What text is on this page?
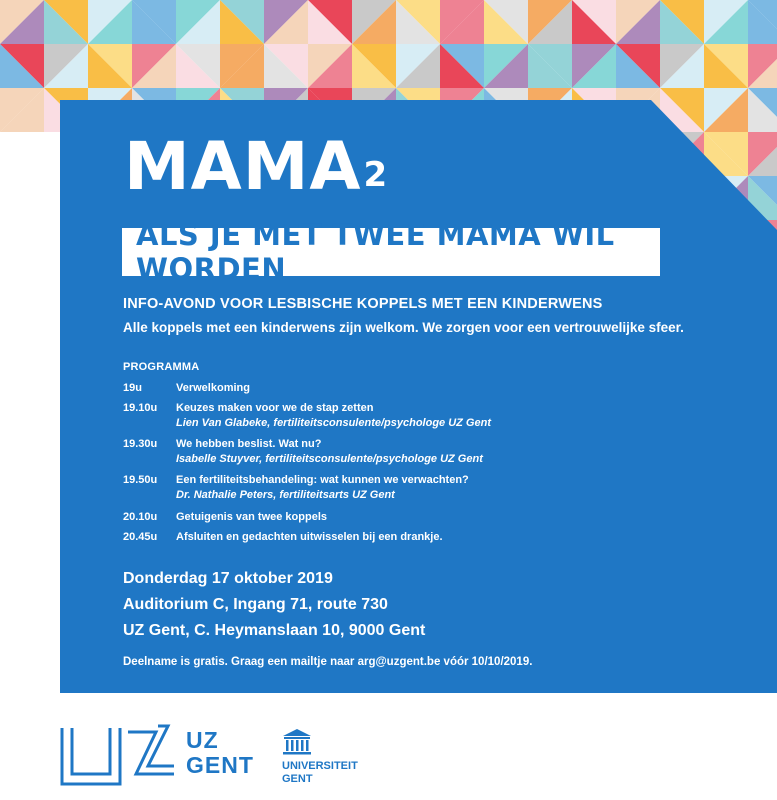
MAMA$^2$
ALS JE MET TWEE MAMA WIL WORDEN
INFO-AVOND VOOR LESBISCHE KOPPELS MET EEN KINDERWENS
Alle koppels met een kinderwens zijn welkom. We zorgen voor een vertrouwelijke sfeer.
PROGRAMMA
19u	Verwelkoming
19.10u	Keuzes maken voor we de stap zetten
Lien Van Glabeke, fertiliteitsconsulente/psychologe UZ Gent
19.30u	We hebben beslist. Wat nu?
Isabelle Stuyver, fertiliteitsconsulente/psychologe UZ Gent
19.50u	Een fertiliteitsbehandeling: wat kunnen we verwachten?
Dr. Nathalie Peters, fertiliteitsarts UZ Gent
20.10u	Getuigenis van twee koppels
20.45u	Afsluiten en gedachten uitwisselen bij een drankje.
Donderdag 17 oktober 2019
Auditorium C, Ingang 71, route 730
UZ Gent, C. Heymanslaan 10, 9000 Gent
Deelname is gratis. Graag een mailtje naar arg@uzgent.be vóór 10/10/2019.
UZ
GENT	UNIVERSITEIT
GENT
